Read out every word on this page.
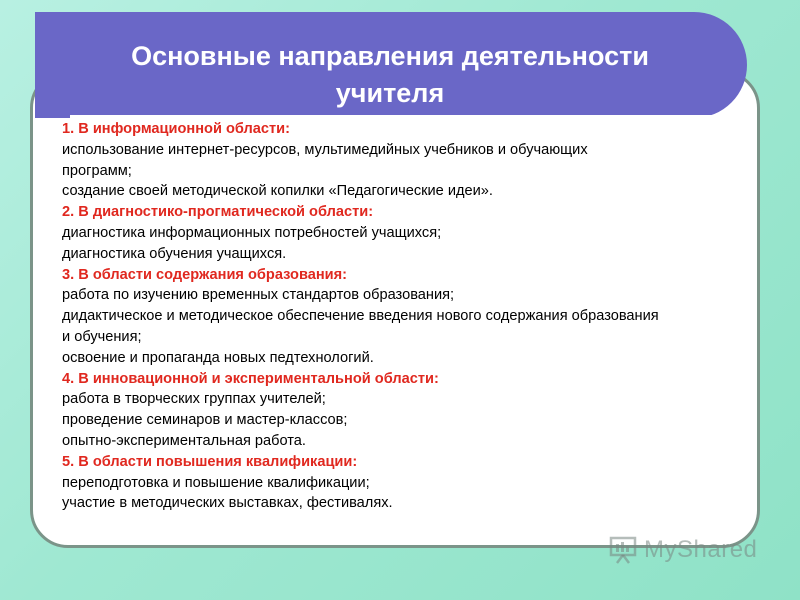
Основные направления деятельности
учителя
1. В информационной области:
использование интернет-ресурсов, мультимедийных учебников и обучающих
программ;
создание своей методической копилки «Педагогические идеи».
2. В диагностико-прогматической области:
диагностика информационных потребностей учащихся;
диагностика обучения учащихся.
3. В области содержания образования:
работа по изучению временных стандартов образования;
дидактическое и методическое обеспечение введения нового содержания образования
и обучения;
освоение и пропаганда новых педтехнологий.
4. В инновационной и экспериментальной области:
работа в творческих группах учителей;
проведение семинаров и мастер-классов;
опытно-экспериментальная работа.
5. В области повышения квалификации:
переподготовка и повышение квалификации;
участие в методических выставках, фестивалях.
MyShared
